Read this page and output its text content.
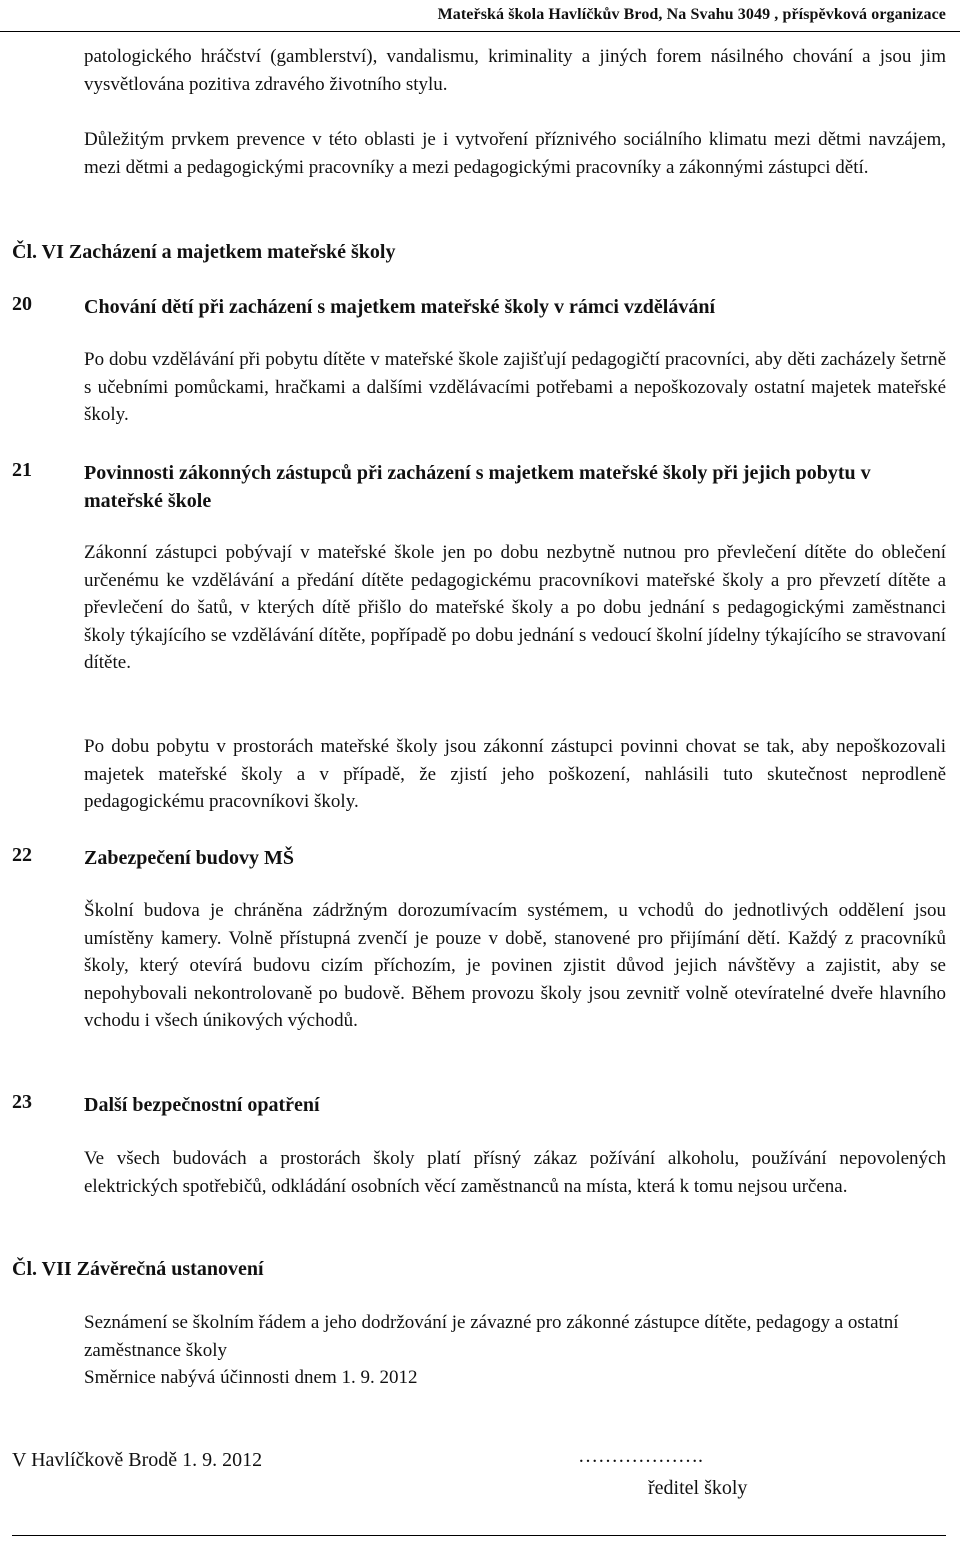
Mateřská škola Havlíčkův Brod, Na Svahu 3049 , příspěvková organizace
patologického hráčství (gamblerství), vandalismu, kriminality a jiných forem násilného chování a jsou jim vysvětlována pozitiva zdravého životního stylu.
Důležitým prvkem prevence v této oblasti je i vytvoření příznivého sociálního klimatu mezi dětmi navzájem, mezi dětmi a pedagogickými pracovníky a mezi pedagogickými pracovníky a zákonnými zástupci dětí.
Čl. VI Zacházení a majetkem mateřské školy
20	Chování dětí při zacházení s majetkem mateřské školy v rámci vzdělávání
Po dobu vzdělávání při pobytu dítěte v mateřské škole zajišťují pedagogičtí pracovníci, aby děti zacházely šetrně s učebními pomůckami, hračkami a dalšími vzdělávacími potřebami a nepoškozovaly ostatní majetek mateřské školy.
21	Povinnosti zákonných zástupců při zacházení s majetkem mateřské školy při jejich pobytu v mateřské škole
Zákonní zástupci pobývají v mateřské škole jen po dobu nezbytně nutnou pro převlečení dítěte do oblečení určenému ke vzdělávání a předání dítěte pedagogickému pracovníkovi mateřské školy a pro převzetí dítěte a převlečení do šatů, v kterých dítě přišlo do mateřské školy a po dobu jednání s pedagogickými zaměstnanci školy týkajícího se vzdělávání dítěte, popřípadě po dobu jednání s vedoucí školní jídelny týkajícího se stravovaní dítěte.
Po dobu pobytu v prostorách mateřské školy jsou zákonní zástupci povinni chovat se tak, aby nepoškozovali majetek mateřské školy a v případě, že zjistí jeho poškození, nahlásili tuto skutečnost neprodleně pedagogickému pracovníkovi školy.
22	Zabezpečení budovy MŠ
Školní budova je chráněna zádržným dorozumívacím systémem, u vchodů do jednotlivých oddělení jsou umístěny kamery. Volně přístupná zvenčí je pouze v době, stanovené pro přijímání dětí. Každý z pracovníků školy, který otevírá budovu cizím příchozím, je povinen zjistit důvod jejich návštěvy a zajistit, aby se nepohybovali nekontrolovaně po budově. Během provozu školy jsou zevnitř volně otevíratelné dveře hlavního vchodu i všech únikových východů.
23	Další bezpečnostní opatření
Ve všech budovách a prostorách školy platí přísný zákaz požívání alkoholu, používání nepovolených elektrických spotřebičů, odkládání osobních věcí zaměstnanců na místa, která k tomu nejsou určena.
Čl. VII Závěrečná ustanovení
Seznámení se školním řádem a jeho dodržování je závazné pro zákonné zástupce dítěte, pedagogy a ostatní zaměstnance školy
Směrnice nabývá účinnosti dnem 1. 9. 2012
V Havlíčkově Brodě 1. 9. 2012	……………….
ředitel školy
